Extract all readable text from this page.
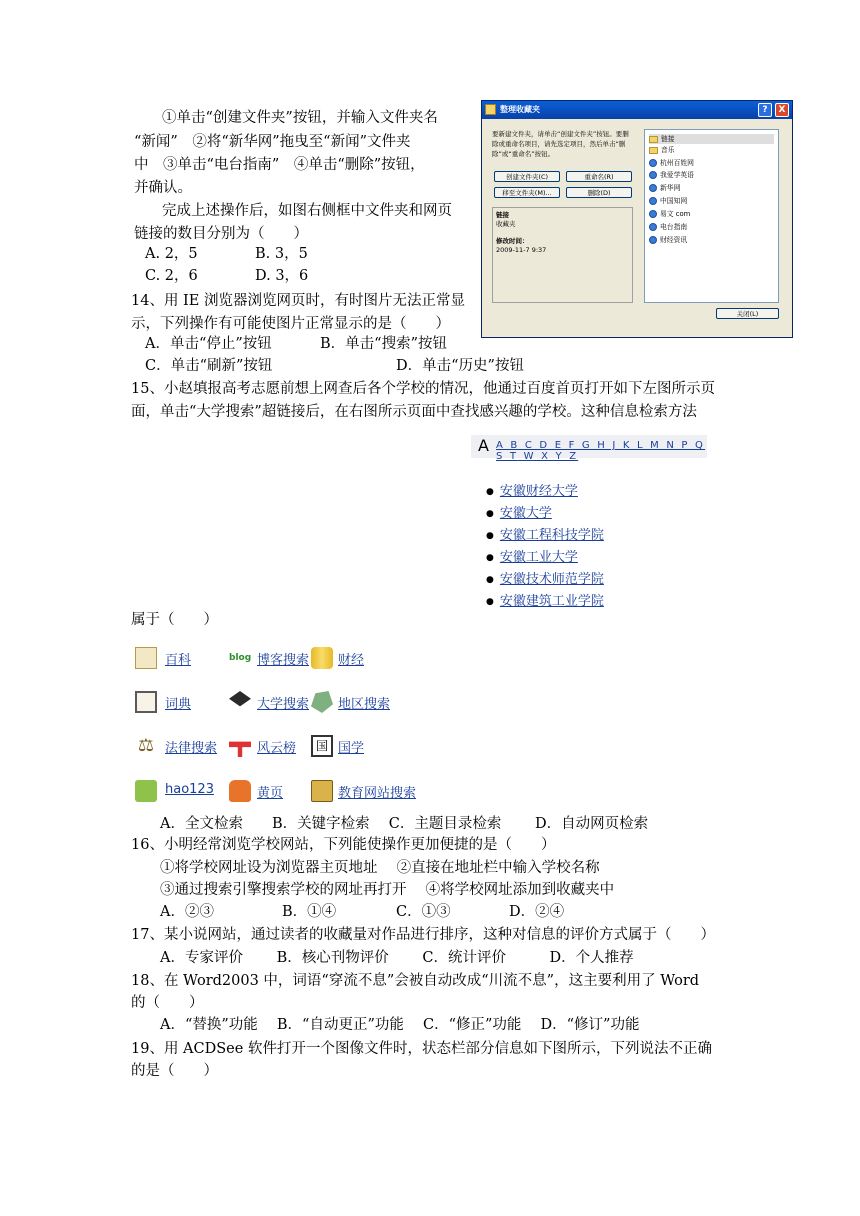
①单击“创建文件夹”按钮，并输入文件夹名
“新闻”　②将“新华网”拖曳至“新闻”文件夹
中　③单击“电台指南”　④单击“删除”按钮，
并确认。
完成上述操作后，如图右侧框中文件夹和网页
链接的数目分别为（　　）
A. 2，5	B. 3，5
C. 2，6	D. 3，6
整理收藏夹	?	X
要新建文件夹，请单击“创建文件夹”按钮。要删除或重命名项目，请先选定项目，然后单击“删除”或“重命名”按钮。
创建文件夹(C)	重命名(R)
移至文件夹(M)...	删除(D)
链接
收藏夹
修改时间：
2009-11-7 9:37
链接
音乐
杭州百姓网
我爱学英语
新华网
中国知网
易文 com
电台指南
财经资讯
关闭(L)
14、用 IE 浏览器浏览网页时，有时图片无法正常显
示，下列操作有可能使图片正常显示的是（　　）
A．单击“停止”按钮	B．单击“搜索”按钮
C．单击“刷新”按钮	D．单击“历史”按钮
15、小赵填报高考志愿前想上网查后各个学校的情况，他通过百度首页打开如下左图所示页
面，单击“大学搜索”超链接后，在右图所示页面中查找感兴趣的学校。这种信息检索方法
A A B C D E F G H J K L M N P Q S T W X Y Z
● 安徽财经大学
● 安徽大学
● 安徽工程科技学院
● 安徽工业大学
● 安徽技术师范学院
● 安徽建筑工业学院
属于（　　）
百科	blog 博客搜索 财经
词典	大学搜索 地区搜索
⚖ 法律搜索	风云榜	国 国学
hao123	黄页	教育网站搜索
A．全文检索　　B．关键字检索　 C．主题目录检索　　 D．自动网页检索
16、小明经常浏览学校网站，下列能使操作更加便捷的是（　　）
①将学校网址设为浏览器主页地址　 ②直接在地址栏中输入学校名称
③通过搜索引擎搜索学校的网址再打开　 ④将学校网址添加到收藏夹中
A．②③	B．①④	C．①③	D．②④
17、某小说网站，通过读者的收藏量对作品进行排序，这种对信息的评价方式属于（　　）
A．专家评价　　 B．核心刊物评价　　 C．统计评价　　　D．个人推荐
18、在 Word2003 中，词语“穿流不息”会被自动改成“川流不息”，这主要利用了 Word
的（　　）
A．“替换”功能　 B．“自动更正”功能　 C．“修正”功能　 D．“修订”功能
19、用 ACDSee 软件打开一个图像文件时，状态栏部分信息如下图所示，下列说法不正确
的是（　　）
